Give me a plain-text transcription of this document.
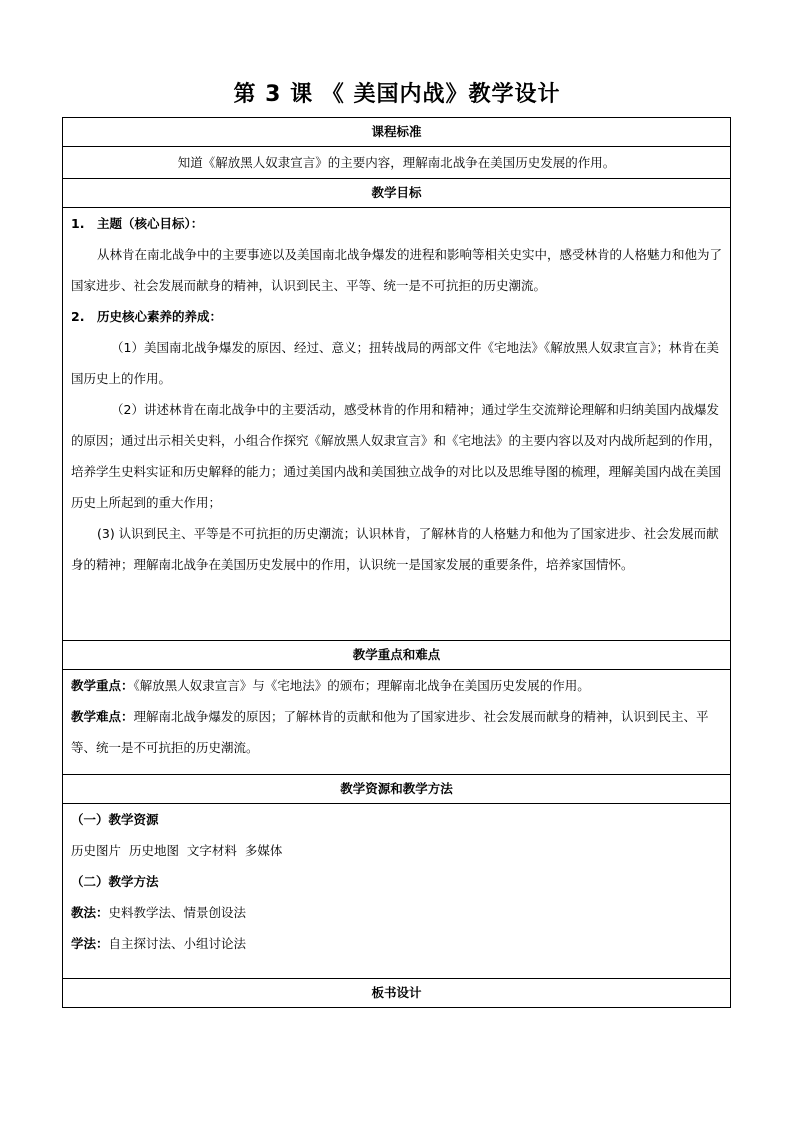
第 3 课 《 美国内战》教学设计
课程标准
知道《解放黑人奴隶宣言》的主要内容，理解南北战争在美国历史发展的作用。
教学目标

1. 主题（核心目标）：

从林肯在南北战争中的主要事迹以及美国南北战争爆发的进程和影响等相关史实中，感受林肯的人格魅力和他为了国家进步、社会发展而献身的精神，认识到民主、平等、统一是不可抗拒的历史潮流。

2. 历史核心素养的养成：

（1）美国南北战争爆发的原因、经过、意义；扭转战局的两部文件《宅地法》《解放黑人奴隶宣言》；林肯在美国历史上的作用。

（2）讲述林肯在南北战争中的主要活动，感受林肯的作用和精神；通过学生交流辩论理解和归纳美国内战爆发的原因；通过出示相关史料，小组合作探究《解放黑人奴隶宣言》和《宅地法》的主要内容以及对内战所起到的作用，培养学生史料实证和历史解释的能力；通过美国内战和美国独立战争的对比以及思维导图的梳理，理解美国内战在美国历史上所起到的重大作用；

(3) 认识到民主、平等是不可抗拒的历史潮流；认识林肯，了解林肯的人格魅力和他为了国家进步、社会发展而献身的精神；理解南北战争在美国历史发展中的作用，认识统一是国家发展的重要条件，培养家国情怀。

教学重点和难点

教学重点：《解放黑人奴隶宣言》与《宅地法》的颁布；理解南北战争在美国历史发展的作用。

教学难点：理解南北战争爆发的原因；了解林肯的贡献和他为了国家进步、社会发展而献身的精神，认识到民主、平等、统一是不可抗拒的历史潮流。

教学资源和教学方法

（一）教学资源

历史图片  历史地图  文字材料  多媒体

（二）教学方法

教法：史料教学法、情景创设法

学法：自主探讨法、小组讨论法

板书设计
